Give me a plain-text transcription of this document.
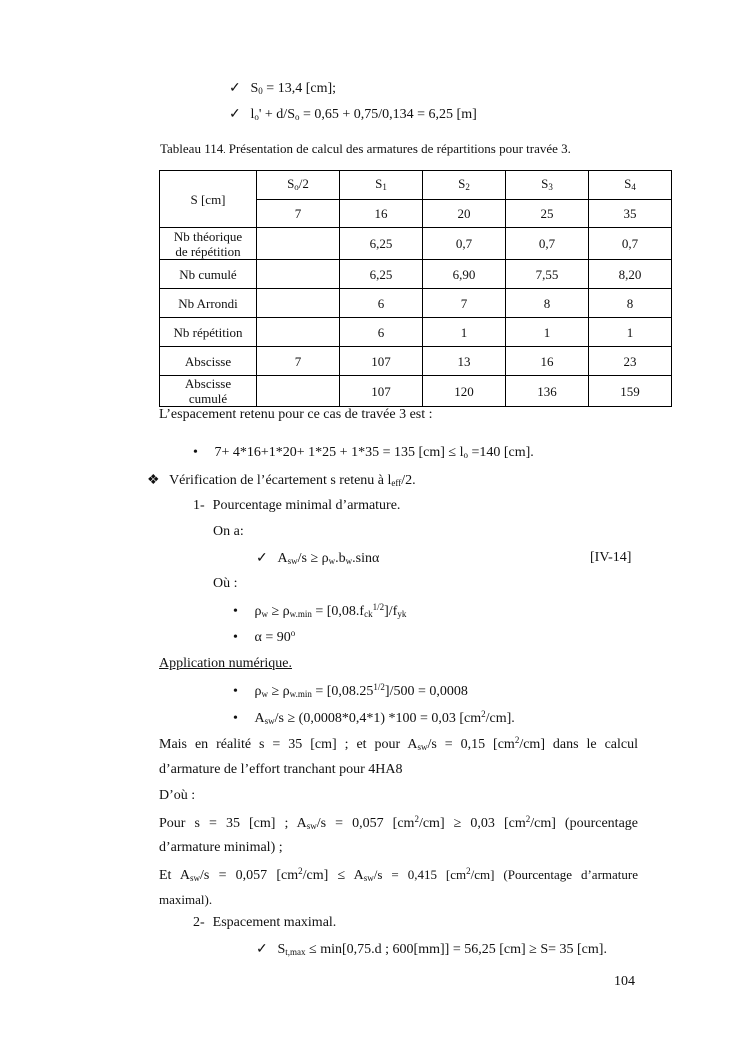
✓ $S_0 = 13,4$ [cm];
✓ $l_o' + d/S_o = 0,65 + 0,75/0,134 = 6,25$ [m]
Tableau 114. Présentation de calcul des armatures de répartitions pour travée 3.
S [cm]	$S_o/2$	$S_1$	$S_2$	$S_3$	$S_4$
	7	16	20	25	35
Nb théorique
de répétition		6,25	0,7	0,7	0,7
Nb cumulé		6,25	6,90	7,55	8,20
Nb Arrondi		6	7	8	8
Nb répétition		6	1	1	1
Abscisse	7	107	13	16	23
Abscisse
cumulé		107	120	136	159
L’espacement retenu pour ce cas de travée 3 est :
• 7+ 4*16+1*20+ 1*25 + 1*35 = 135 $[cm] \le l_o =140$ [cm].
❖ Vérification de l’écartement s retenu à $l_{eff}/2$.
1- Pourcentage minimal d’armature.
On a:
✓ $A_{sw}/s \ge \rho_w.b_w.\sin\alpha$	[IV-14]
Où :
• $\rho_w \ge \rho_{w.min} = [0,08.f_{ck}^{1/2}]/f_{yk}$
• $\alpha = 90^o$
Application numérique.
• $\rho_w \ge \rho_{w.min} = [0,08.25^{1/2}]/500 = 0,0008$
• $A_{sw}/s \ge (0,0008*0,4*1) *100 = 0,03$ $[cm^2/cm]$.
Mais en réalité s = 35 [cm] ; et pour $A_{sw}/s = 0,15$ $[cm^2/cm]$ dans le calcul
d’armature de l’effort tranchant pour 4HA8
D’où :
Pour s = 35 [cm] ; $A_{sw}/s = 0,057$ $[cm^2/cm] \ge 0,03$ $[cm^2/cm]$ (pourcentage
d’armature minimal) ;
Et $A_{sw}/s = 0,057$ $[cm^2/cm] \le A_{sw}/s = 0,415$ $[cm^2/cm]$ (Pourcentage d’armature
maximal).
2- Espacement maximal.
✓ $S_{t,max} \le \min[0,75.d$ ; 600[mm]] = 56,25 [cm] ≥ S= 35 [cm].
104
